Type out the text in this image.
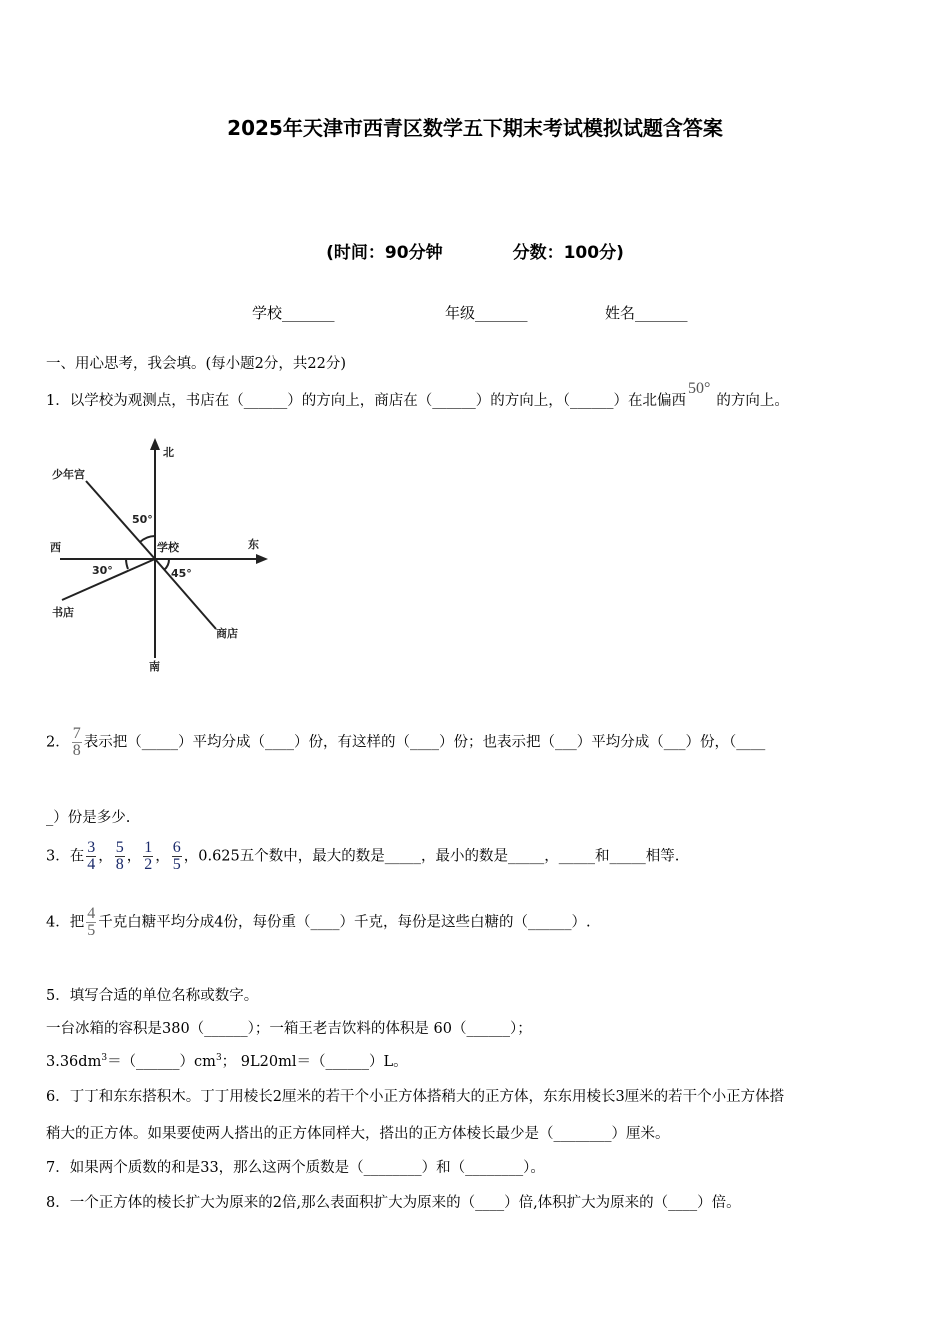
2025年天津市西青区数学五下期末考试模拟试题含答案
(时间：90分钟	分数：100分)
学校_______	年级_______	姓名_______
一、用心思考，我会填。(每小题2分，共22分)
1．以学校为观测点，书店在（______）的方向上，商店在（______）的方向上，（______）在北偏西50°的方向上。
北
南
西	东
学校
少年宫
书店
商店
50°
30°	45°
2． $\frac{7}{8}$ 表示把（_____）平均分成（____）份，有这样的（____）份；也表示把（___）平均分成（___）份，（____
_）份是多少.
3．在 $\frac{3}{4}$ ， $\frac{5}{8}$ ， $\frac{1}{2}$ ， $\frac{6}{5}$ ，0.625五个数中，最大的数是_____，最小的数是_____，_____和_____相等.
4．把 $\frac{4}{5}$ 千克白糖平均分成4份，每份重（____）千克，每份是这些白糖的（______）.
5．填写合适的单位名称或数字。
一台冰箱的容积是380（______）；一箱王老吉饮料的体积是 60（______）；
$3.36dm^3=(\_\_\_\_\_\_)cm^3$； 9L20ml＝（______）L。
6．丁丁和东东搭积木。丁丁用棱长2厘米的若干个小正方体搭稍大的正方体，东东用棱长3厘米的若干个小正方体搭
稍大的正方体。如果要使两人搭出的正方体同样大，搭出的正方体棱长最少是（________）厘米。
7．如果两个质数的和是33，那么这两个质数是（________）和（________）。
8．一个正方体的棱长扩大为原来的2倍,那么表面积扩大为原来的（____）倍,体积扩大为原来的（____）倍。
